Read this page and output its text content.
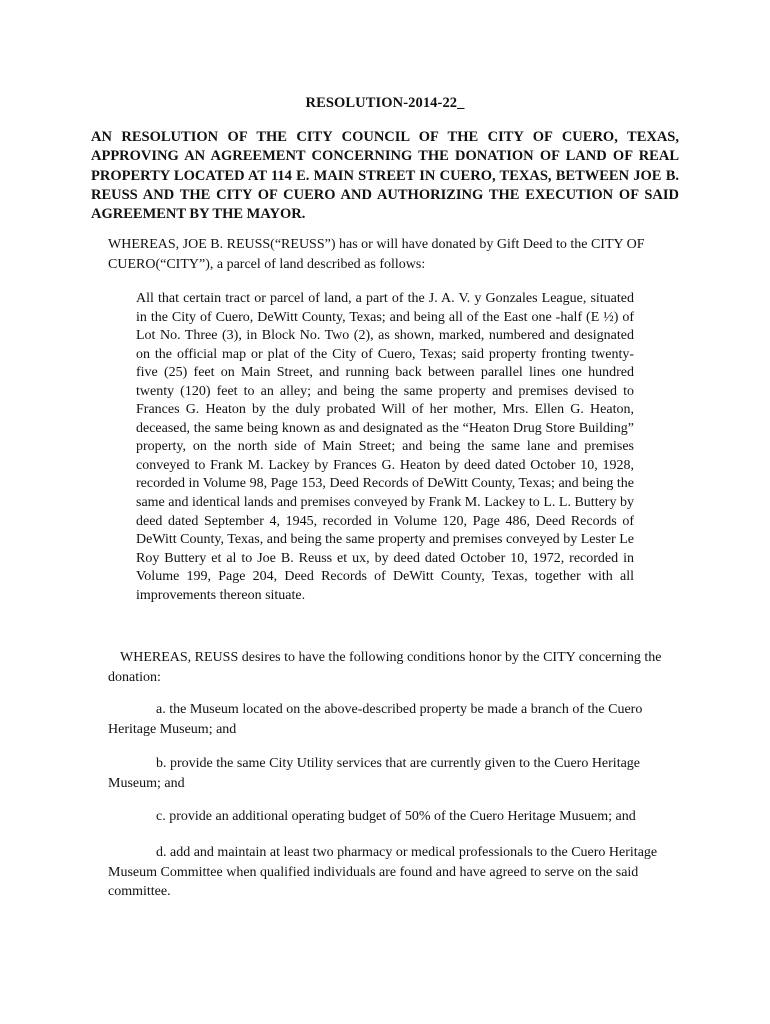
RESOLUTION-2014-22_
AN RESOLUTION OF THE CITY COUNCIL OF THE CITY OF CUERO, TEXAS, APPROVING AN AGREEMENT CONCERNING THE DONATION OF LAND OF REAL PROPERTY LOCATED AT 114 E. MAIN STREET IN CUERO, TEXAS, BETWEEN JOE B. REUSS AND THE CITY OF CUERO AND AUTHORIZING THE EXECUTION OF SAID AGREEMENT BY THE MAYOR.
WHEREAS, JOE B. REUSS(“REUSS”) has or will have donated by Gift Deed to the CITY OF CUERO(“CITY”), a parcel of land described as follows:
All that certain tract or parcel of land, a part of the J. A. V. y Gonzales League, situated in the City of Cuero, DeWitt County, Texas; and being all of the East one -half (E ½) of Lot No. Three (3), in Block No. Two (2), as shown, marked, numbered and designated on the official map or plat of the City of Cuero, Texas; said property fronting twenty-five (25) feet on Main Street, and running back between parallel lines one hundred twenty (120) feet to an alley; and being the same property and premises devised to Frances G. Heaton by the duly probated Will of her mother, Mrs. Ellen G. Heaton, deceased, the same being known as and designated as the “Heaton Drug Store Building” property, on the north side of Main Street; and being the same lane and premises conveyed to Frank M. Lackey by Frances G. Heaton by deed dated October 10, 1928, recorded in Volume 98, Page 153, Deed Records of DeWitt County, Texas; and being the same and identical lands and premises conveyed by Frank M. Lackey to L. L. Buttery by deed dated September 4, 1945, recorded in Volume 120, Page 486, Deed Records of DeWitt County, Texas, and being the same property and premises conveyed by Lester Le Roy Buttery et al to Joe B. Reuss et ux, by deed dated October 10, 1972, recorded in Volume 199, Page 204, Deed Records of DeWitt County, Texas, together with all improvements thereon situate.
WHEREAS, REUSS desires to have the following conditions honor by the CITY concerning the donation:
a. the Museum located on the above-described property be made a branch of the Cuero Heritage Museum; and
b. provide the same City Utility services that are currently given to the Cuero Heritage Museum; and
c. provide an additional operating budget of 50% of the Cuero Heritage Musuem; and
d. add and maintain at least two pharmacy or medical professionals to the Cuero Heritage Museum Committee when qualified individuals are found and have agreed to serve on the said committee.
